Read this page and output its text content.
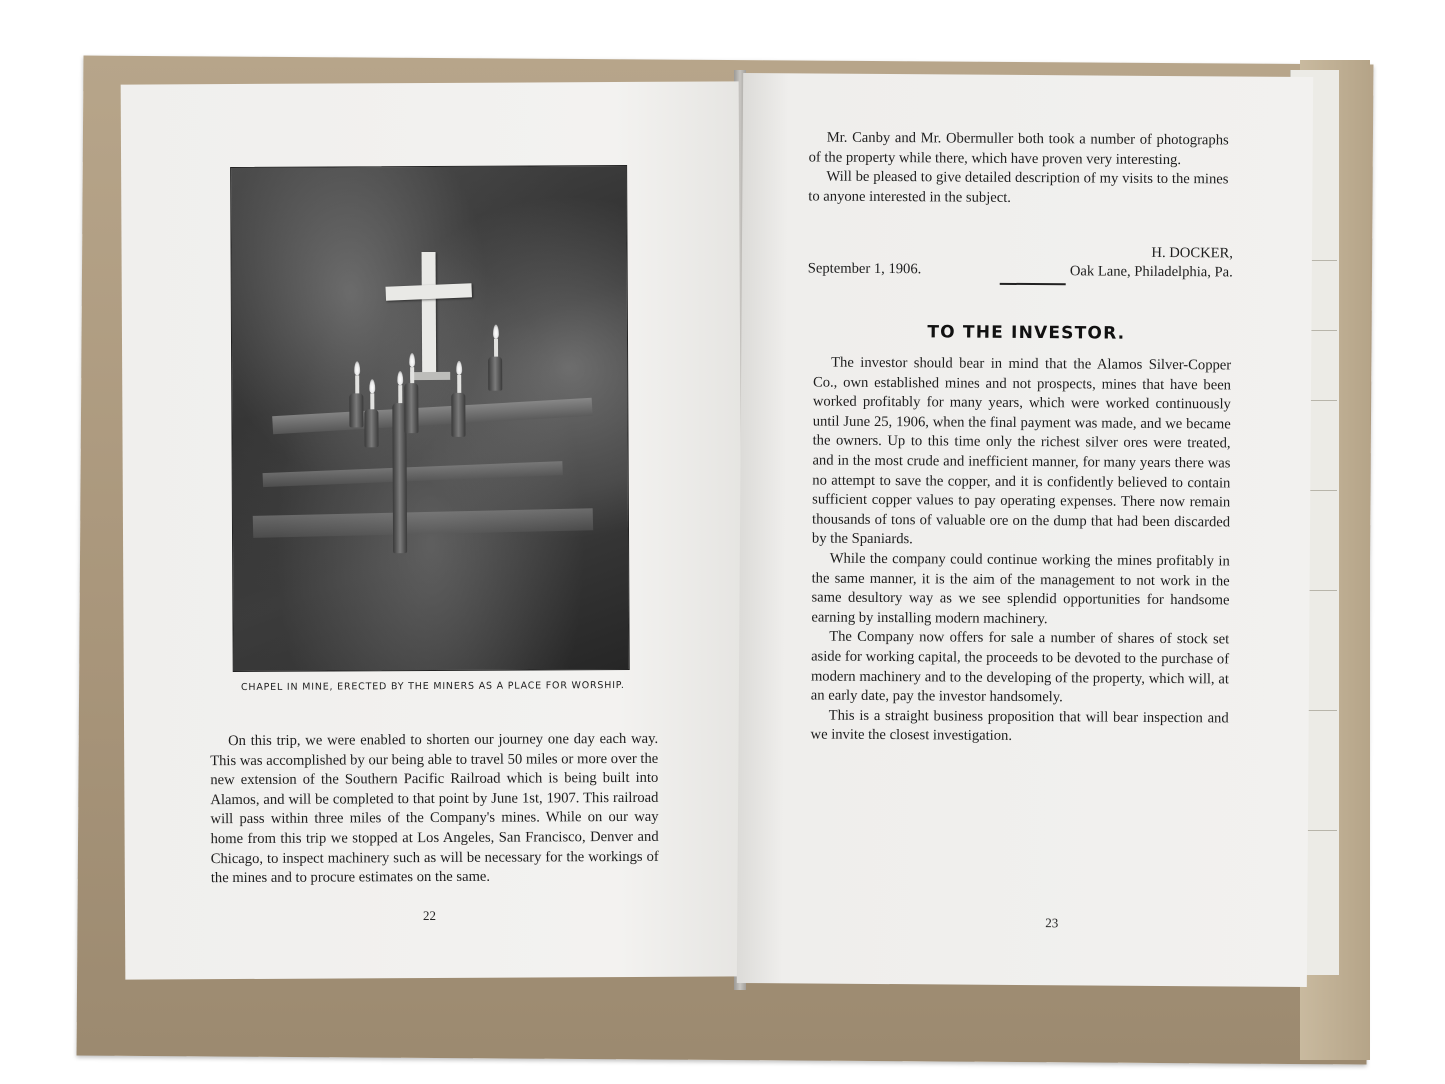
CHAPEL IN MINE, ERECTED BY THE MINERS AS A PLACE FOR WORSHIP.

On this trip, we were enabled to shorten our journey one day each way. This was accomplished by our being able to travel 50 miles or more over the new extension of the Southern Pacific Railroad which is being built into Alamos, and will be completed to that point by June 1st, 1907. This railroad will pass within three miles of the Company's mines. While on our way home from this trip we stopped at Los Angeles, San Francisco, Denver and Chicago, to inspect machinery such as will be necessary for the workings of the mines and to procure estimates on the same.

22

Mr. Canby and Mr. Obermuller both took a number of photographs of the property while there, which have proven very interesting.

Will be pleased to give detailed description of my visits to the mines to anyone interested in the subject.

September 1, 1906.
H. DOCKER,
Oak Lane, Philadelphia, Pa.
TO THE INVESTOR.

The investor should bear in mind that the Alamos Silver-Copper Co., own established mines and not prospects, mines that have been worked profitably for many years, which were worked continuously until June 25, 1906, when the final payment was made, and we became the owners. Up to this time only the richest silver ores were treated, and in the most crude and inefficient manner, for many years there was no attempt to save the copper, and it is confidently believed to contain sufficient copper values to pay operating expenses. There now remain thousands of tons of valuable ore on the dump that had been discarded by the Spaniards.

While the company could continue working the mines profitably in the same manner, it is the aim of the management to not work in the same desultory way as we see splendid opportunities for handsome earning by installing modern machinery.

The Company now offers for sale a number of shares of stock set aside for working capital, the proceeds to be devoted to the purchase of modern machinery and to the developing of the property, which will, at an early date, pay the investor handsomely.

This is a straight business proposition that will bear inspection and we invite the closest investigation.

23
